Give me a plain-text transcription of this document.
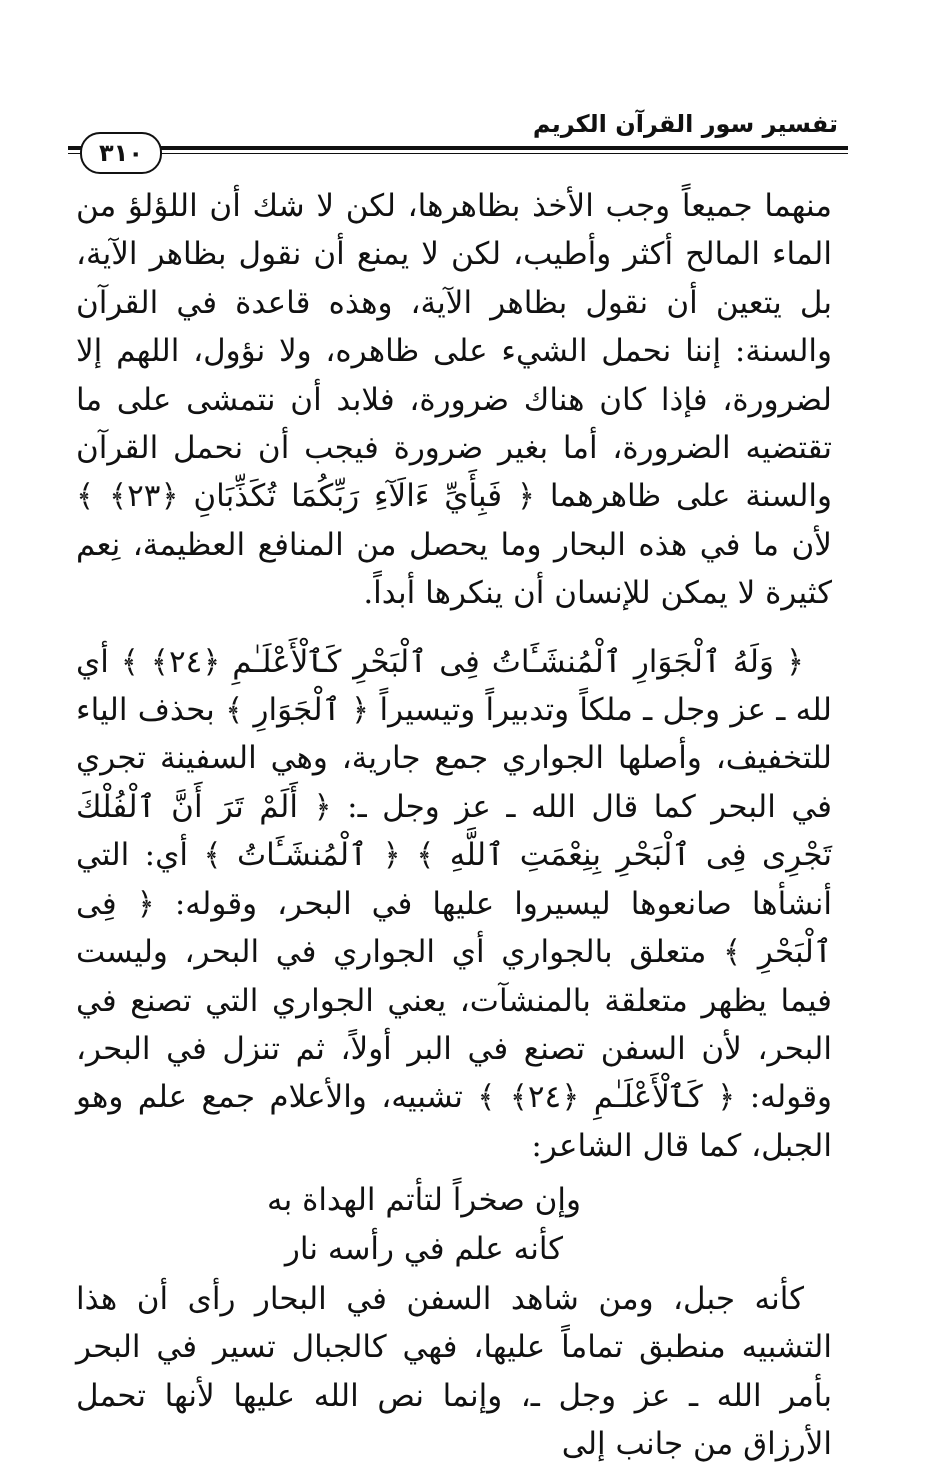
تفسير سور القرآن الكريم
٣١٠

منهما جميعاً وجب الأخذ بظاهرها، لكن لا شك أن اللؤلؤ من الماء المالح أكثر وأطيب، لكن لا يمنع أن نقول بظاهر الآية، بل يتعين أن نقول بظاهر الآية، وهذه قاعدة في القرآن والسنة: إننا نحمل الشيء على ظاهره، ولا نؤول، اللهم إلا لضرورة، فإذا كان هناك ضرورة، فلابد أن نتمشى على ما تقتضيه الضرورة، أما بغير ضرورة فيجب أن نحمل القرآن والسنة على ظاهرهما ﴿ فَبِأَيِّ ءَالَآءِ رَبِّكُمَا تُكَذِّبَانِ ﴿٢٣﴾ ﴾ لأن ما في هذه البحار وما يحصل من المنافع العظيمة، نِعم كثيرة لا يمكن للإنسان أن ينكرها أبداً.

﴿ وَلَهُ ٱلْجَوَارِ ٱلْمُنشَـَٔاتُ فِى ٱلْبَحْرِ كَٱلْأَعْلَـٰمِ ﴿٢٤﴾ ﴾ أي لله ـ عز وجل ـ ملكاً وتدبيراً وتيسيراً ﴿ ٱلْجَوَارِ ﴾ بحذف الياء للتخفيف، وأصلها الجواري جمع جارية، وهي السفينة تجري في البحر كما قال الله ـ عز وجل ـ: ﴿ أَلَمْ تَرَ أَنَّ ٱلْفُلْكَ تَجْرِى فِى ٱلْبَحْرِ بِنِعْمَتِ ٱللَّهِ ﴾ ﴿ ٱلْمُنشَـَٔاتُ ﴾ أي: التي أنشأها صانعوها ليسيروا عليها في البحر، وقوله: ﴿ فِى ٱلْبَحْرِ ﴾ متعلق بالجواري أي الجواري في البحر، وليست فيما يظهر متعلقة بالمنشآت، يعني الجواري التي تصنع في البحر، لأن السفن تصنع في البر أولاً، ثم تنزل في البحر، وقوله: ﴿ كَٱلْأَعْلَـٰمِ ﴿٢٤﴾ ﴾ تشبيه، والأعلام جمع علم وهو الجبل، كما قال الشاعر:

وإن صخراً لتأتم الهداة به كأنه علم في رأسه نار

كأنه جبل، ومن شاهد السفن في البحار رأى أن هذا التشبيه منطبق تماماً عليها، فهي كالجبال تسير في البحر بأمر الله ـ عز وجل ـ، وإنما نص الله عليها لأنها تحمل الأرزاق من جانب إلى
